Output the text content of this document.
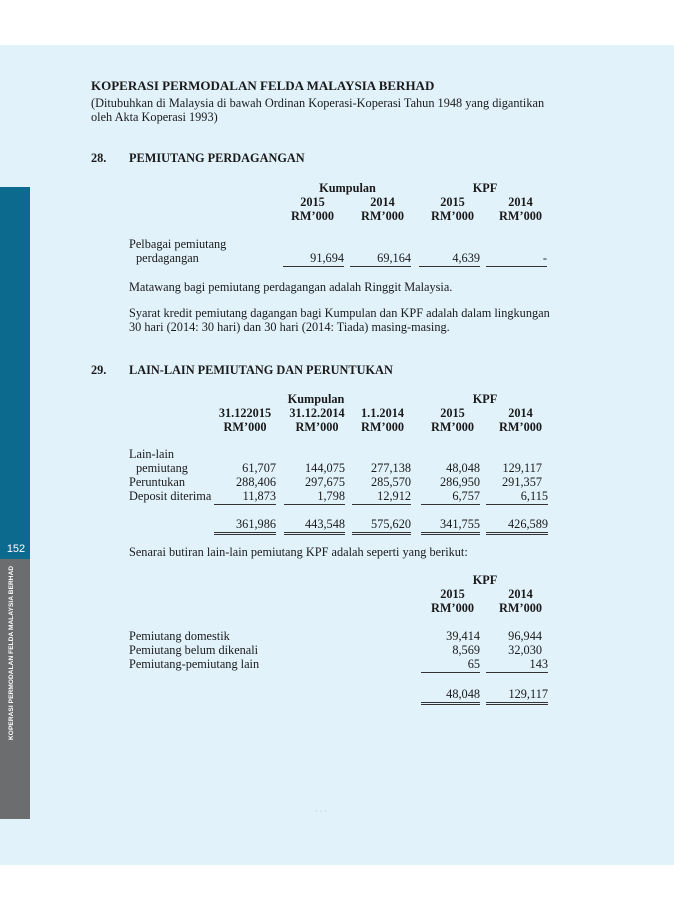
152
KOPERASI PERMODALAN FELDA MALAYSIA BERHAD
KOPERASI PERMODALAN FELDA MALAYSIA BERHAD
(Ditubuhkan di Malaysia di bawah Ordinan Koperasi-Koperasi Tahun 1948 yang digantikan
oleh Akta Koperasi 1993)
28. PEMIUTANG PERDAGANGAN
Kumpulan	KPF
2015	2014	2015	2014
RM’000	RM’000	RM’000	RM’000
Pelbagai pemiutang
perdagangan	91,694	69,164	4,639	-
Matawang bagi pemiutang perdagangan adalah Ringgit Malaysia.
Syarat kredit pemiutang dagangan bagi Kumpulan dan KPF adalah dalam lingkungan
30 hari (2014: 30 hari) dan 30 hari (2014: Tiada) masing-masing.
29. LAIN-LAIN PEMIUTANG DAN PERUNTUKAN
Kumpulan	KPF
31.122015	31.12.2014	1.1.2014	2015	2014
RM’000	RM’000	RM’000	RM’000	RM’000
Lain-lain
pemiutang	61,707	144,075	277,138	48,048	129,117
Peruntukan	288,406	297,675	285,570	286,950	291,357
Deposit diterima	11,873	1,798	12,912	6,757	6,115
361,986	443,548	575,620	341,755	426,589
Senarai butiran lain-lain pemiutang KPF adalah seperti yang berikut:
KPF
2015	2014
RM’000	RM’000
Pemiutang domestik	39,414	96,944
Pemiutang belum dikenali	8,569	32,030
Pemiutang-pemiutang lain	65	143
48,048	129,117
· · ·
